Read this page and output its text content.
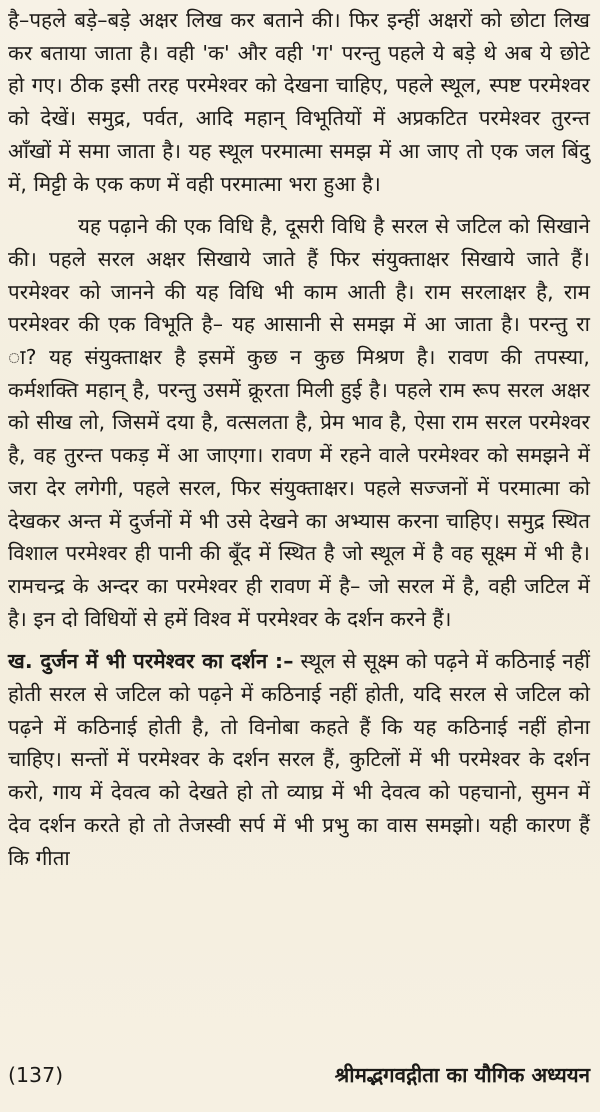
है–पहले बड़े–बड़े अक्षर लिख कर बताने की। फिर इन्हीं अक्षरों को छोटा लिख कर बताया जाता है। वही 'क' और वही 'ग' परन्तु पहले ये बड़े थे अब ये छोटे हो गए। ठीक इसी तरह परमेश्वर को देखना चाहिए, पहले स्थूल, स्पष्ट परमेश्वर को देखें। समुद्र, पर्वत, आदि महान् विभूतियों में अप्रकटित परमेश्वर तुरन्त आँखों में समा जाता है। यह स्थूल परमात्मा समझ में आ जाए तो एक जल बिंदु में, मिट्टी के एक कण में वही परमात्मा भरा हुआ है।

यह पढ़ाने की एक विधि है, दूसरी विधि है सरल से जटिल को सिखाने की। पहले सरल अक्षर सिखाये जाते हैं फिर संयुक्ताक्षर सिखाये जाते हैं। परमेश्वर को जानने की यह विधि भी काम आती है। राम सरलाक्षर है, राम परमेश्वर की एक विभूति है– यह आसानी से समझ में आ जाता है। परन्तु रा ा? यह संयुक्ताक्षर है इसमें कुछ न कुछ मिश्रण है। रावण की तपस्या, कर्मशक्ति महान् है, परन्तु उसमें क्रूरता मिली हुई है। पहले राम रूप सरल अक्षर को सीख लो, जिसमें दया है, वत्सलता है, प्रेम भाव है, ऐसा राम सरल परमेश्वर है, वह तुरन्त पकड़ में आ जाएगा। रावण में रहने वाले परमेश्वर को समझने में जरा देर लगेगी, पहले सरल, फिर संयुक्ताक्षर। पहले सज्जनों में परमात्मा को देखकर अन्त में दुर्जनों में भी उसे देखने का अभ्यास करना चाहिए। समुद्र स्थित विशाल परमेश्वर ही पानी की बूँद में स्थित है जो स्थूल में है वह सूक्ष्म में भी है। रामचन्द्र के अन्दर का परमेश्वर ही रावण में है– जो सरल में है, वही जटिल में है। इन दो विधियों से हमें विश्व में परमेश्वर के दर्शन करने हैं।

ख. दुर्जन में भी परमेश्वर का दर्शन :– स्थूल से सूक्ष्म को पढ़ने में कठिनाई नहीं होती सरल से जटिल को पढ़ने में कठिनाई नहीं होती, यदि सरल से जटिल को पढ़ने में कठिनाई होती है, तो विनोबा कहते हैं कि यह कठिनाई नहीं होना चाहिए। सन्तों में परमेश्वर के दर्शन सरल हैं, कुटिलों में भी परमेश्वर के दर्शन करो, गाय में देवत्व को देखते हो तो व्याघ्र में भी देवत्व को पहचानो, सुमन में देव दर्शन करते हो तो तेजस्वी सर्प में भी प्रभु का वास समझो। यही कारण हैं कि गीता

(137)	श्रीमद्भगवद्गीता का यौगिक अध्ययन
